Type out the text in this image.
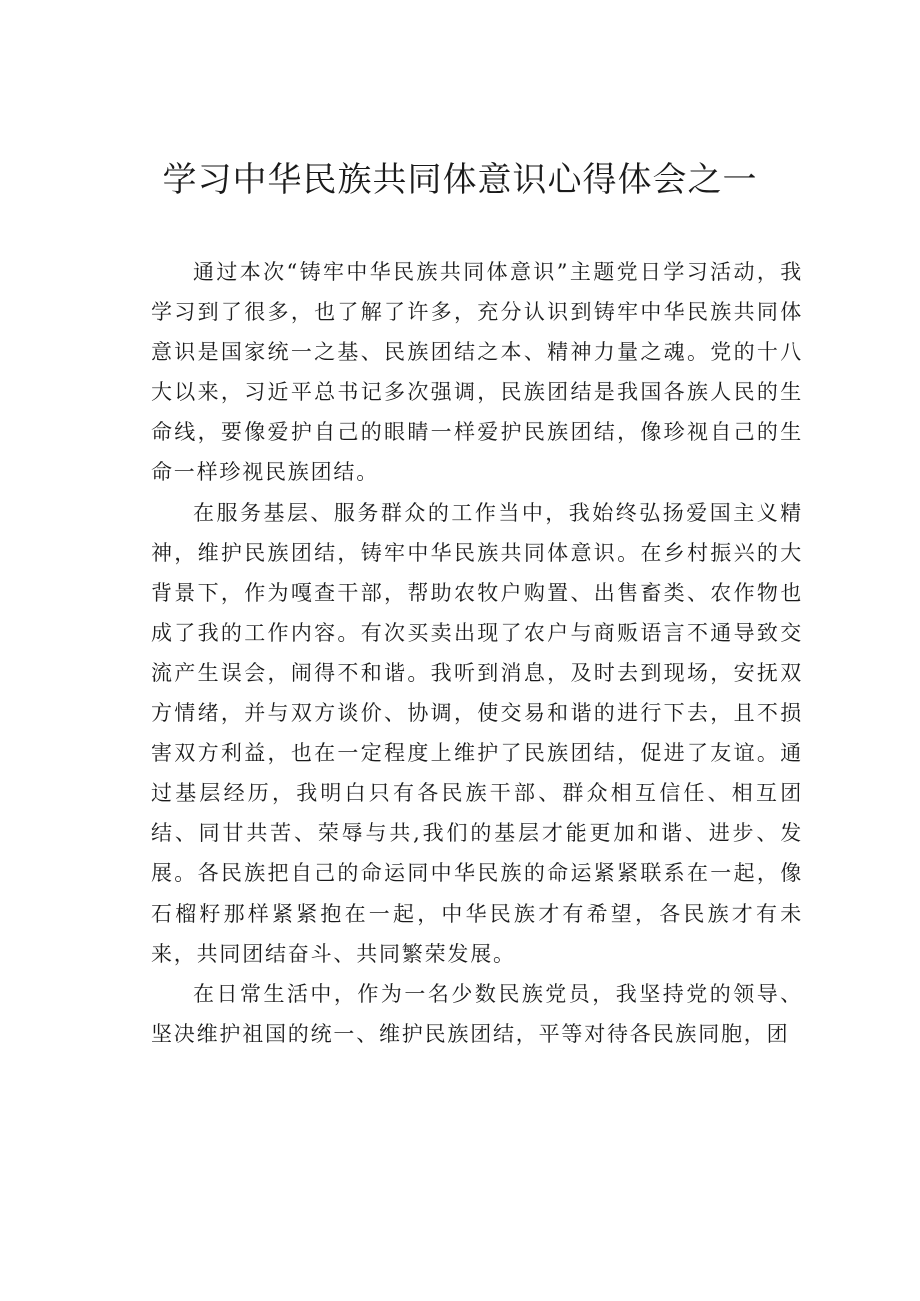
学习中华民族共同体意识心得体会之一

通过本次“铸牢中华民族共同体意识”主题党日学习活动，我学习到了很多，也了解了许多，充分认识到铸牢中华民族共同体意识是国家统一之基、民族团结之本、精神力量之魂。党的十八大以来，习近平总书记多次强调，民族团结是我国各族人民的生命线，要像爱护自己的眼睛一样爱护民族团结，像珍视自己的生命一样珍视民族团结。

在服务基层、服务群众的工作当中，我始终弘扬爱国主义精神，维护民族团结，铸牢中华民族共同体意识。在乡村振兴的大背景下，作为嘎查干部，帮助农牧户购置、出售畜类、农作物也成了我的工作内容。有次买卖出现了农户与商贩语言不通导致交流产生误会，闹得不和谐。我听到消息，及时去到现场，安抚双方情绪，并与双方谈价、协调，使交易和谐的进行下去，且不损害双方利益，也在一定程度上维护了民族团结，促进了友谊。通过基层经历，我明白只有各民族干部、群众相互信任、相互团结、同甘共苦、荣辱与共,我们的基层才能更加和谐、进步、发展。各民族把自己的命运同中华民族的命运紧紧联系在一起，像石榴籽那样紧紧抱在一起，中华民族才有希望，各民族才有未来，共同团结奋斗、共同繁荣发展。

在日常生活中，作为一名少数民族党员，我坚持党的领导、坚决维护祖国的统一、维护民族团结，平等对待各民族同胞，团
